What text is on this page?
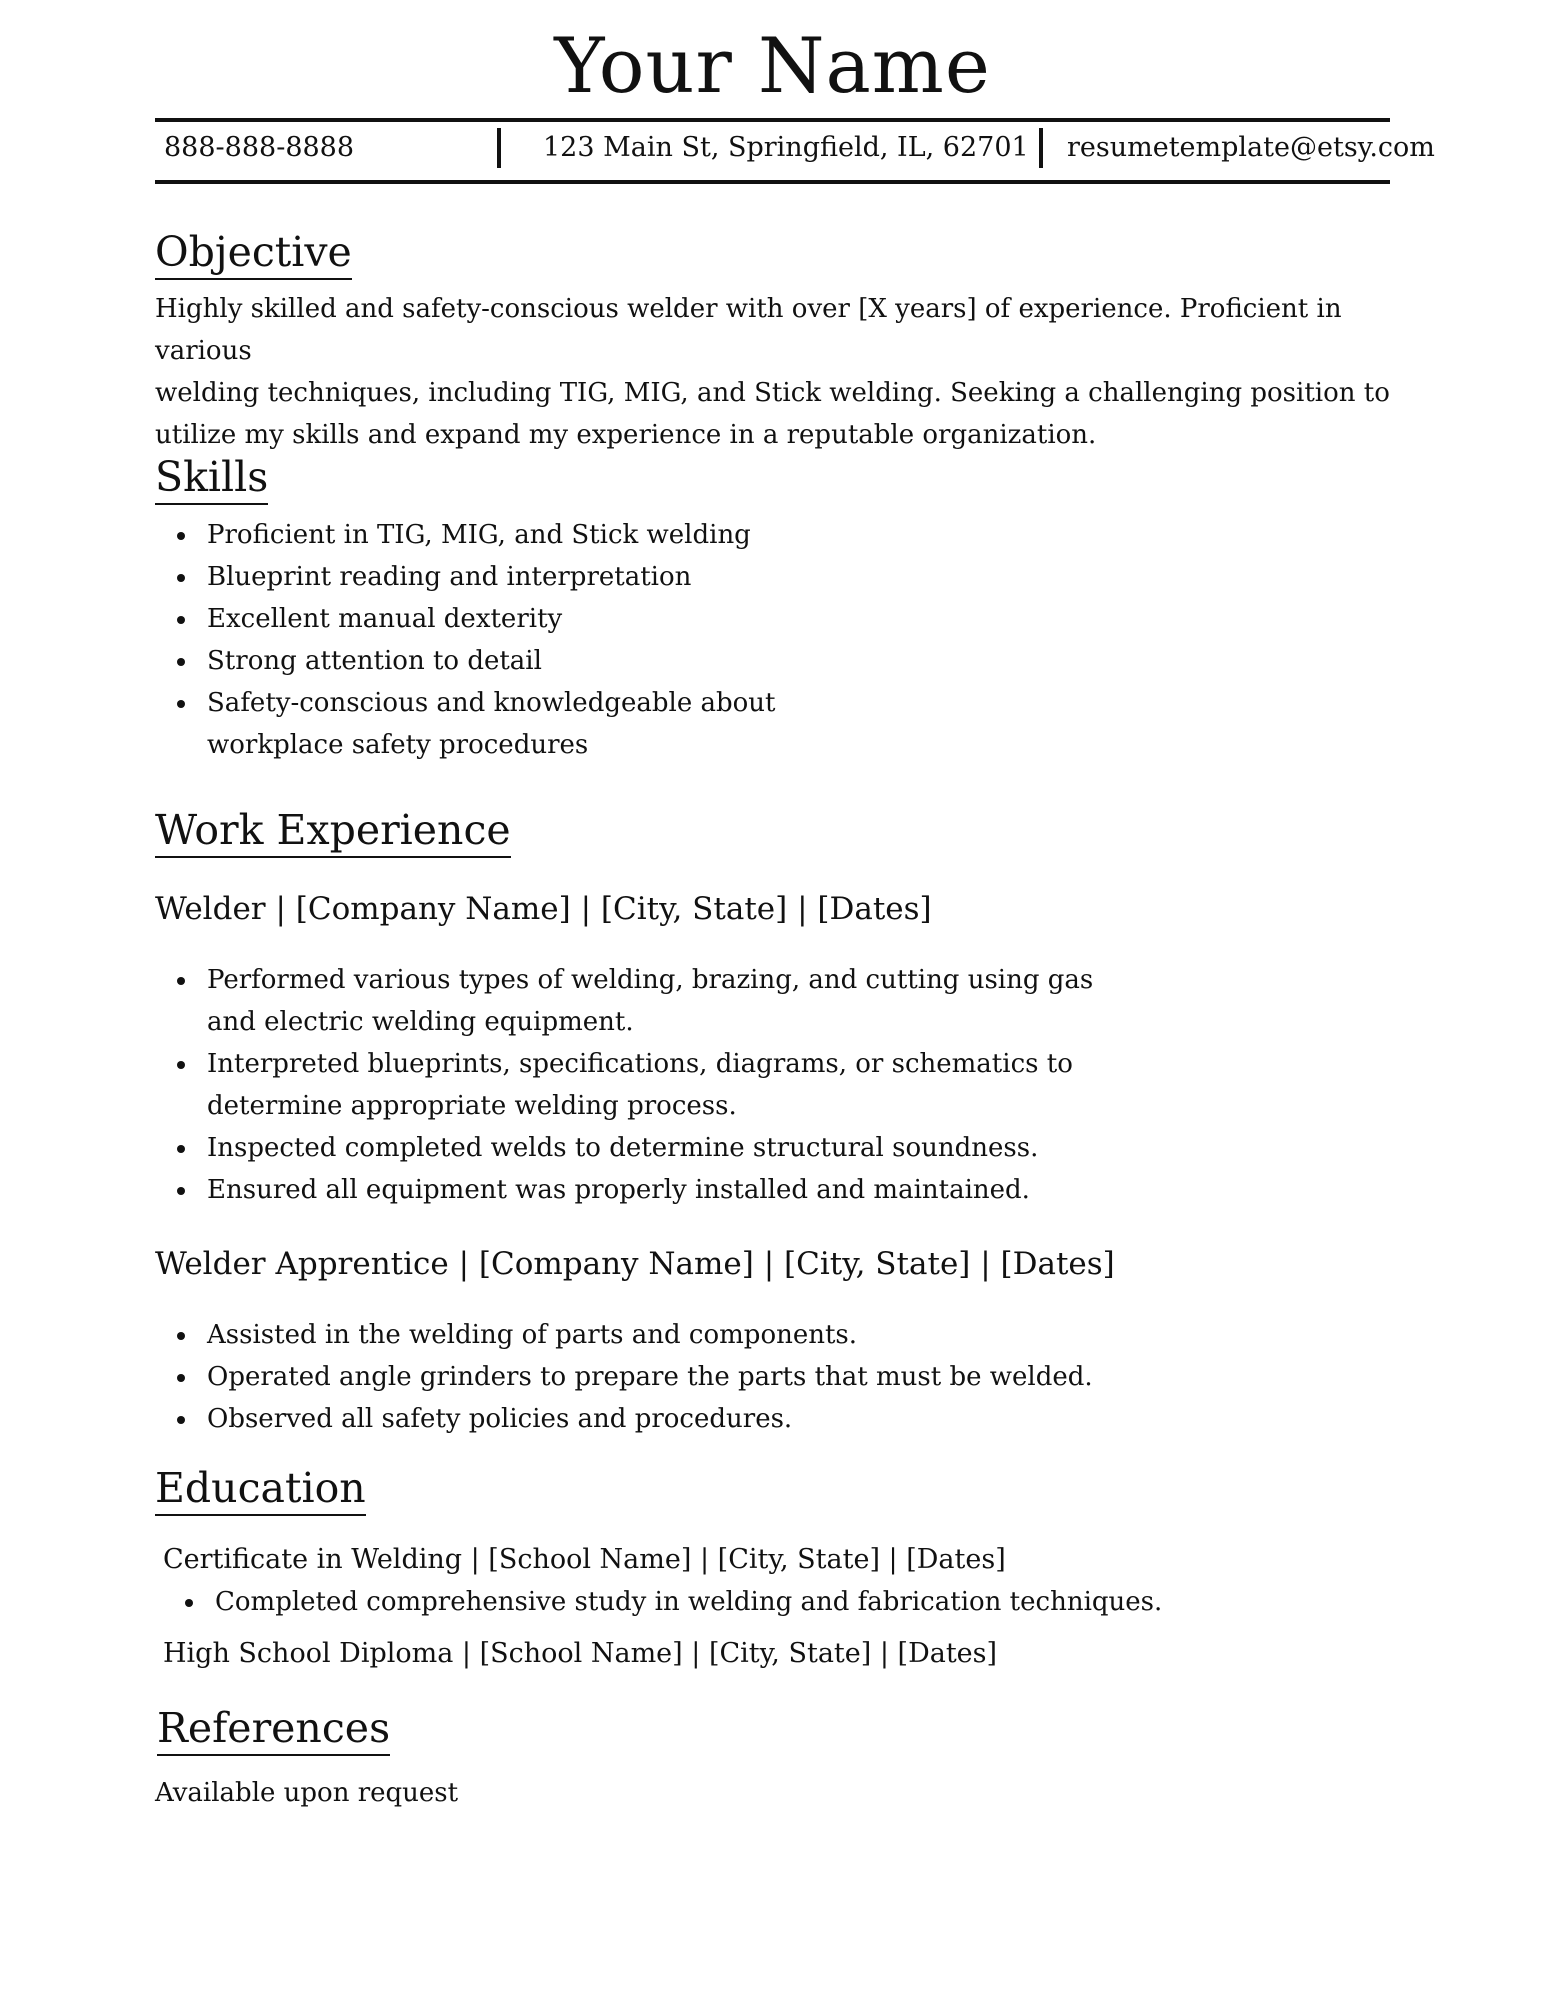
Your Name
888-888-8888	123 Main St, Springfield, IL, 62701 resumetemplate@etsy.com
Objective
Highly skilled and safety-conscious welder with over [X years] of experience. Proficient in various
welding techniques, including TIG, MIG, and Stick welding. Seeking a challenging position to
utilize my skills and expand my experience in a reputable organization.
Skills
Proficient in TIG, MIG, and Stick welding
Blueprint reading and interpretation
Excellent manual dexterity
Strong attention to detail
Safety-conscious and knowledgeable about
workplace safety procedures
Work Experience
Welder | [Company Name] | [City, State] | [Dates]
Performed various types of welding, brazing, and cutting using gas
and electric welding equipment.
Interpreted blueprints, specifications, diagrams, or schematics to
determine appropriate welding process.
Inspected completed welds to determine structural soundness.
Ensured all equipment was properly installed and maintained.
Welder Apprentice | [Company Name] | [City, State] | [Dates]
Assisted in the welding of parts and components.
Operated angle grinders to prepare the parts that must be welded.
Observed all safety policies and procedures.
Education
Certificate in Welding | [School Name] | [City, State] | [Dates]
Completed comprehensive study in welding and fabrication techniques.
High School Diploma | [School Name] | [City, State] | [Dates]
References
Available upon request
